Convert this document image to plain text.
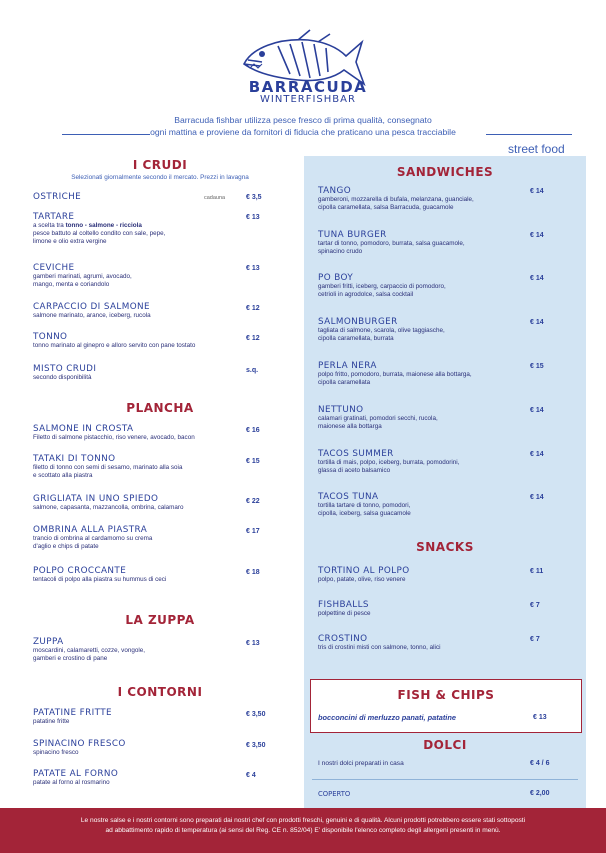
BARRACUDA
WINTERFISHBAR
Barracuda fishbar utilizza pesce fresco di prima qualità, consegnato
ogni mattina e proviene da fornitori di fiducia che praticano una pesca tracciabile
street food
I CRUDI
Selezionati giornalmente secondo il mercato. Prezzi in lavagna
OSTRICHE	cadauna	€ 3,5
TARTARE
a scelta tra tonno - salmone - ricciola
pesce battuto al coltello condito con sale, pepe,
limone e olio extra vergine
€ 13
CEVICHE
gamberi marinati, agrumi, avocado,
mango, menta e coriandolo
€ 13
CARPACCIO DI SALMONE
salmone marinato, arance, iceberg, rucola
€ 12
TONNO
tonno marinato al ginepro e alloro servito con pane tostato
€ 12
MISTO CRUDI
secondo disponibilità
s.q.
PLANCHA
SALMONE IN CROSTA
Filetto di salmone pistacchio, riso venere, avocado, bacon
€ 16
TATAKI DI TONNO
filetto di tonno con semi di sesamo, marinato alla soia
e scottato alla piastra
€ 15
GRIGLIATA IN UNO SPIEDO
salmone, capasanta, mazzancolla, ombrina, calamaro
€ 22
OMBRINA ALLA PIASTRA
trancio di ombrina al cardamomo su crema
d'aglio e chips di patate
€ 17
POLPO CROCCANTE
tentacoli di polpo alla piastra su hummus di ceci
€ 18
LA ZUPPA
ZUPPA
moscardini, calamaretti, cozze, vongole,
gamberi e crostino di pane
€ 13
I CONTORNI
PATATINE FRITTE
patatine fritte
€ 3,50
SPINACINO FRESCO
spinacino fresco
€ 3,50
PATATE AL FORNO
patate al forno al rosmarino
€ 4
SANDWICHES
TANGO
gamberoni, mozzarella di bufala, melanzana, guanciale,
cipolla caramellata, salsa Barracuda, guacamole
€ 14
TUNA BURGER
tartar di tonno, pomodoro, burrata, salsa guacamole,
spinacino crudo
€ 14
PO BOY
gamberi fritti, iceberg, carpaccio di pomodoro,
cetrioli in agrodolce, salsa cocktail
€ 14
SALMONBURGER
tagliata di salmone, scarola, olive taggiasche,
cipolla caramellata, burrata
€ 14
PERLA NERA
polpo fritto, pomodoro, burrata, maionese alla bottarga,
cipolla caramellata
€ 15
NETTUNO
calamari gratinati, pomodori secchi, rucola,
maionese alla bottarga
€ 14
TACOS SUMMER
tortilla di mais, polpo, iceberg, burrata, pomodorini,
glassa di aceto balsamico
€ 14
TACOS TUNA
tortilla tartare di tonno, pomodori,
cipolla, iceberg, salsa guacamole
€ 14
SNACKS
TORTINO AL POLPO
polpo, patate, olive, riso venere
€ 11
FISHBALLS
polpettine di pesce
€ 7
CROSTINO
tris di crostini misti con salmone, tonno, alici
€ 7
FISH & CHIPS
bocconcini di merluzzo panati, patatine	€ 13
DOLCI
I nostri dolci preparati in casa	€ 4 / 6
COPERTO	€ 2,00
Le nostre salse e i nostri contorni sono preparati dai nostri chef con prodotti freschi, genuini e di qualità. Alcuni prodotti potrebbero essere stati sottoposti
ad abbattimento rapido di temperatura (ai sensi del Reg. CE n. 852/04) E' disponibile l'elenco completo degli allergeni presenti in menù.
